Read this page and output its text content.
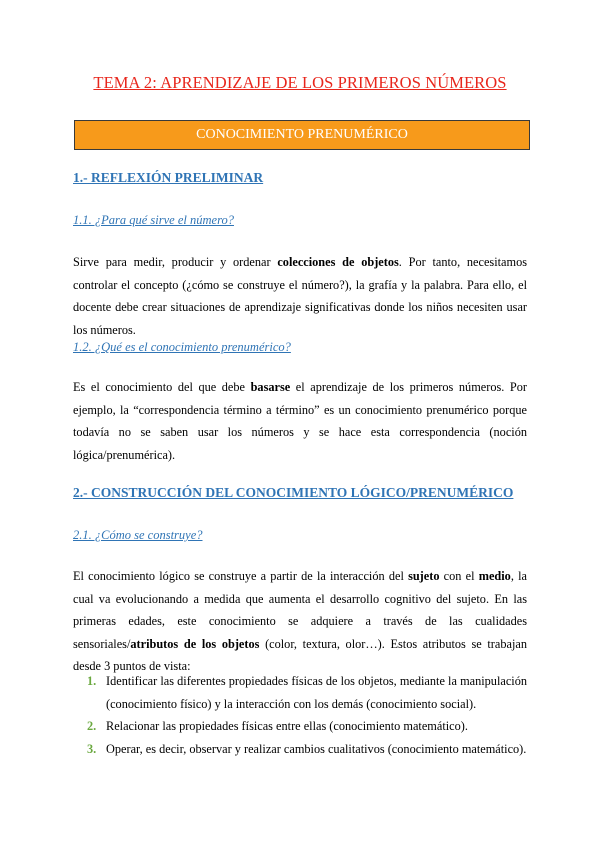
TEMA 2: APRENDIZAJE DE LOS PRIMEROS NÚMEROS
CONOCIMIENTO PRENUMÉRICO
1.- REFLEXIÓN PRELIMINAR
1.1. ¿Para qué sirve el número?
Sirve para medir, producir y ordenar colecciones de objetos. Por tanto, necesitamos controlar el concepto (¿cómo se construye el número?), la grafía y la palabra. Para ello, el docente debe crear situaciones de aprendizaje significativas donde los niños necesiten usar los números.
1.2. ¿Qué es el conocimiento prenumérico?
Es el conocimiento del que debe basarse el aprendizaje de los primeros números. Por ejemplo, la “correspondencia término a término” es un conocimiento prenumérico porque todavía no se saben usar los números y se hace esta correspondencia (noción lógica/prenumérica).
2.- CONSTRUCCIÓN DEL CONOCIMIENTO LÓGICO/PRENUMÉRICO
2.1. ¿Cómo se construye?
El conocimiento lógico se construye a partir de la interacción del sujeto con el medio, la cual va evolucionando a medida que aumenta el desarrollo cognitivo del sujeto. En las primeras edades, este conocimiento se adquiere a través de las cualidades sensoriales/atributos de los objetos (color, textura, olor…). Estos atributos se trabajan desde 3 puntos de vista:
1. Identificar las diferentes propiedades físicas de los objetos, mediante la manipulación (conocimiento físico) y la interacción con los demás (conocimiento social).
2. Relacionar las propiedades físicas entre ellas (conocimiento matemático).
3. Operar, es decir, observar y realizar cambios cualitativos (conocimiento matemático).
